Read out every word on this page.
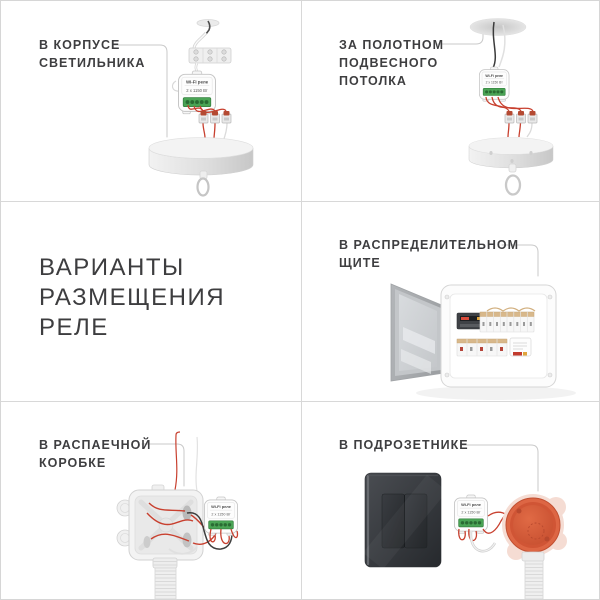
Wi-Fi реле
2 x 1150 Вт
В КОРПУСЕ
СВЕТИЛЬНИКА
ЗА ПОЛОТНОМ
ПОДВЕСНОГО
ПОТОЛКА
ВАРИАНТЫ
РАЗМЕЩЕНИЯ
РЕЛЕ
В РАСПРЕДЕЛИТЕЛЬНОМ
ЩИТЕ
В РАСПАЕЧНОЙ
КОРОБКЕ
В ПОДРОЗЕТНИКЕ
